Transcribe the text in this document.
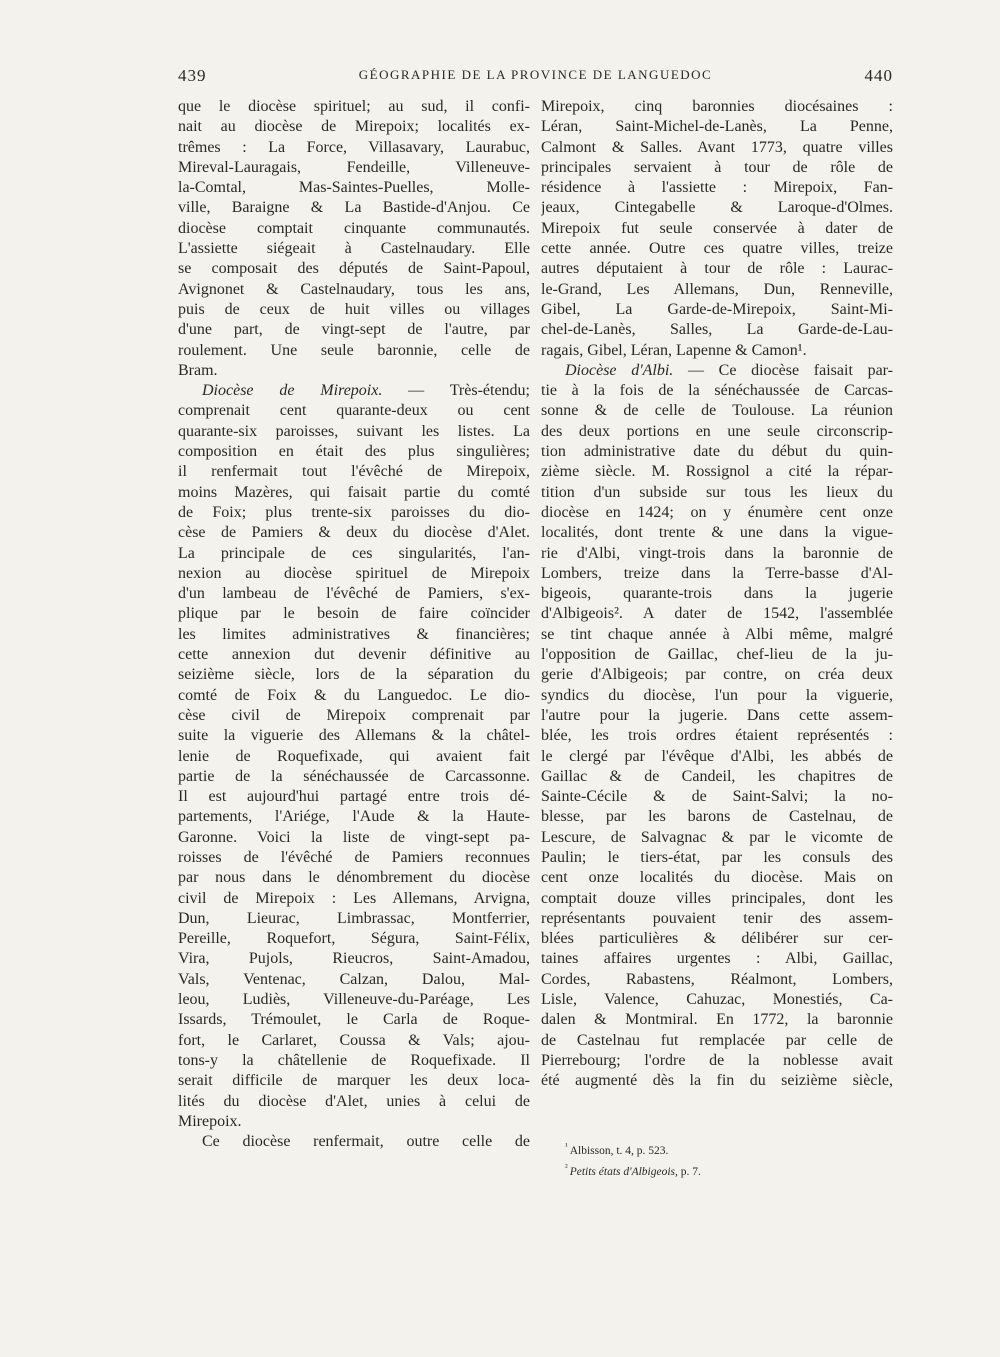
439	GÉOGRAPHIE DE LA PROVINCE DE LANGUEDOC	440
que le diocèse spirituel; au sud, il confi-
nait au diocèse de Mirepoix; localités ex-
trêmes : La Force, Villasavary, Laurabuc,
Mireval-Lauragais, Fendeille, Villeneuve-
la-Comtal, Mas-Saintes-Puelles, Molle-
ville, Baraigne & La Bastide-d'Anjou. Ce
diocèse comptait cinquante communautés.
L'assiette siégeait à Castelnaudary. Elle
se composait des députés de Saint-Papoul,
Avignonet & Castelnaudary, tous les ans,
puis de ceux de huit villes ou villages
d'une part, de vingt-sept de l'autre, par
roulement. Une seule baronnie, celle de
Bram.
Diocèse de Mirepoix. — Très-étendu;
comprenait cent quarante-deux ou cent
quarante-six paroisses, suivant les listes. La
composition en était des plus singulières;
il renfermait tout l'évêché de Mirepoix,
moins Mazères, qui faisait partie du comté
de Foix; plus trente-six paroisses du dio-
cèse de Pamiers & deux du diocèse d'Alet.
La principale de ces singularités, l'an-
nexion au diocèse spirituel de Mirepoix
d'un lambeau de l'évêché de Pamiers, s'ex-
plique par le besoin de faire coïncider
les limites administratives & financières;
cette annexion dut devenir définitive au
seizième siècle, lors de la séparation du
comté de Foix & du Languedoc. Le dio-
cèse civil de Mirepoix comprenait par
suite la viguerie des Allemans & la châtel-
lenie de Roquefixade, qui avaient fait
partie de la sénéchaussée de Carcassonne.
Il est aujourd'hui partagé entre trois dé-
partements, l'Ariége, l'Aude & la Haute-
Garonne. Voici la liste de vingt-sept pa-
roisses de l'évêché de Pamiers reconnues
par nous dans le dénombrement du diocèse
civil de Mirepoix : Les Allemans, Arvigna,
Dun, Lieurac, Limbrassac, Montferrier,
Pereille, Roquefort, Ségura, Saint-Félix,
Vira, Pujols, Rieucros, Saint-Amadou,
Vals, Ventenac, Calzan, Dalou, Mal-
leou, Ludiès, Villeneuve-du-Paréage, Les
Issards, Trémoulet, le Carla de Roque-
fort, le Carlaret, Coussa & Vals; ajou-
tons-y la châtellenie de Roquefixade. Il
serait difficile de marquer les deux loca-
lités du diocèse d'Alet, unies à celui de
Mirepoix.
Ce diocèse renfermait, outre celle de
Mirepoix, cinq baronnies diocésaines :
Léran, Saint-Michel-de-Lanès, La Penne,
Calmont & Salles. Avant 1773, quatre villes
principales servaient à tour de rôle de
résidence à l'assiette : Mirepoix, Fan-
jeaux, Cintegabelle & Laroque-d'Olmes.
Mirepoix fut seule conservée à dater de
cette année. Outre ces quatre villes, treize
autres députaient à tour de rôle : Laurac-
le-Grand, Les Allemans, Dun, Renneville,
Gibel, La Garde-de-Mirepoix, Saint-Mi-
chel-de-Lanès, Salles, La Garde-de-Lau-
ragais, Gibel, Léran, Lapenne & Camon¹.
Diocèse d'Albi. — Ce diocèse faisait par-
tie à la fois de la sénéchaussée de Carcas-
sonne & de celle de Toulouse. La réunion
des deux portions en une seule circonscrip-
tion administrative date du début du quin-
zième siècle. M. Rossignol a cité la répar-
tition d'un subside sur tous les lieux du
diocèse en 1424; on y énumère cent onze
localités, dont trente & une dans la vigue-
rie d'Albi, vingt-trois dans la baronnie de
Lombers, treize dans la Terre-basse d'Al-
bigeois, quarante-trois dans la jugerie
d'Albigeois². A dater de 1542, l'assemblée
se tint chaque année à Albi même, malgré
l'opposition de Gaillac, chef-lieu de la ju-
gerie d'Albigeois; par contre, on créa deux
syndics du diocèse, l'un pour la viguerie,
l'autre pour la jugerie. Dans cette assem-
blée, les trois ordres étaient représentés :
le clergé par l'évêque d'Albi, les abbés de
Gaillac & de Candeil, les chapitres de
Sainte-Cécile & de Saint-Salvi; la no-
blesse, par les barons de Castelnau, de
Lescure, de Salvagnac & par le vicomte de
Paulin; le tiers-état, par les consuls des
cent onze localités du diocèse. Mais on
comptait douze villes principales, dont les
représentants pouvaient tenir des assem-
blées particulières & délibérer sur cer-
taines affaires urgentes : Albi, Gaillac,
Cordes, Rabastens, Réalmont, Lombers,
Lisle, Valence, Cahuzac, Monestiés, Ca-
dalen & Montmiral. En 1772, la baronnie
de Castelnau fut remplacée par celle de
Pierrebourg; l'ordre de la noblesse avait
été augmenté dès la fin du seizième siècle,
$^{^1}$ Albisson, t. 4, p. 523.
$^{^2}$ Petits états d'Albigeois, p. 7.
